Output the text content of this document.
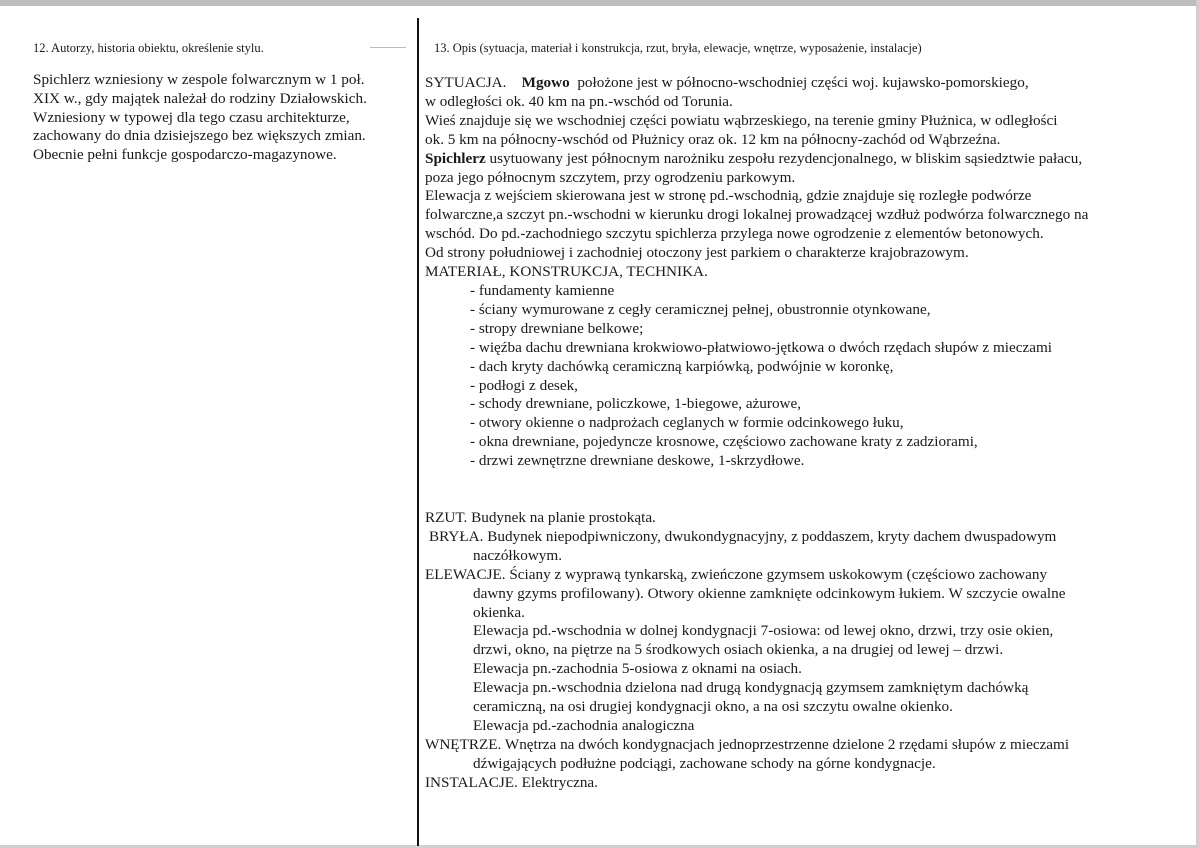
12. Autorzy, historia obiektu, określenie stylu.	13. Opis (sytuacja, materiał i konstrukcja, rzut, bryła, elewacje, wnętrze, wyposażenie, instalacje)
Spichlerz wzniesiony w zespole folwarcznym w 1 poł.
XIX w., gdy majątek należał do rodziny Działowskich.
Wzniesiony w typowej dla tego czasu architekturze,
zachowany do dnia dzisiejszego bez większych zmian.
Obecnie pełni funkcje gospodarczo-magazynowe.
SYTUACJA. Mgowo położone jest w północno-wschodniej części woj. kujawsko-pomorskiego,
w odległości ok. 40 km na pn.-wschód od Torunia.
Wieś znajduje się we wschodniej części powiatu wąbrzeskiego, na terenie gminy Płużnica, w odległości
ok. 5 km na północny-wschód od Płużnicy oraz ok. 12 km na północny-zachód od Wąbrzeźna.
Spichlerz usytuowany jest północnym narożniku zespołu rezydencjonalnego, w bliskim sąsiedztwie pałacu,
poza jego północnym szczytem, przy ogrodzeniu parkowym.
Elewacja z wejściem skierowana jest w stronę pd.-wschodnią, gdzie znajduje się rozległe podwórze
folwarczne,a szczyt pn.-wschodni w kierunku drogi lokalnej prowadzącej wzdłuż podwórza folwarcznego na
wschód. Do pd.-zachodniego szczytu spichlerza przylega nowe ogrodzenie z elementów betonowych.
Od strony południowej i zachodniej otoczony jest parkiem o charakterze krajobrazowym.
MATERIAŁ, KONSTRUKCJA, TECHNIKA.
- fundamenty kamienne
- ściany wymurowane z cegły ceramicznej pełnej, obustronnie otynkowane,
- stropy drewniane belkowe;
- więźba dachu drewniana krokwiowo-płatwiowo-jętkowa o dwóch rzędach słupów z mieczami
- dach kryty dachówką ceramiczną karpiówką, podwójnie w koronkę,
- podłogi z desek,
- schody drewniane, policzkowe, 1-biegowe, ażurowe,
- otwory okienne o nadprożach ceglanych w formie odcinkowego łuku,
- okna drewniane, pojedyncze krosnowe, częściowo zachowane kraty z zadziorami,
- drzwi zewnętrzne drewniane deskowe, 1-skrzydłowe.
RZUT. Budynek na planie prostokąta.
BRYŁA. Budynek niepodpiwniczony, dwukondygnacyjny, z poddaszem, kryty dachem dwuspadowym
naczółkowym.
ELEWACJE. Ściany z wyprawą tynkarską, zwieńczone gzymsem uskokowym (częściowo zachowany
dawny gzyms profilowany). Otwory okienne zamknięte odcinkowym łukiem. W szczycie owalne
okienka.
Elewacja pd.-wschodnia w dolnej kondygnacji 7-osiowa: od lewej okno, drzwi, trzy osie okien,
drzwi, okno, na piętrze na 5 środkowych osiach okienka, a na drugiej od lewej – drzwi.
Elewacja pn.-zachodnia 5-osiowa z oknami na osiach.
Elewacja pn.-wschodnia dzielona nad drugą kondygnacją gzymsem zamkniętym dachówką
ceramiczną, na osi drugiej kondygnacji okno, a na osi szczytu owalne okienko.
Elewacja pd.-zachodnia analogiczna
WNĘTRZE. Wnętrza na dwóch kondygnacjach jednoprzestrzenne dzielone 2 rzędami słupów z mieczami
dźwigających podłużne podciągi, zachowane schody na górne kondygnacje.
INSTALACJE. Elektryczna.
